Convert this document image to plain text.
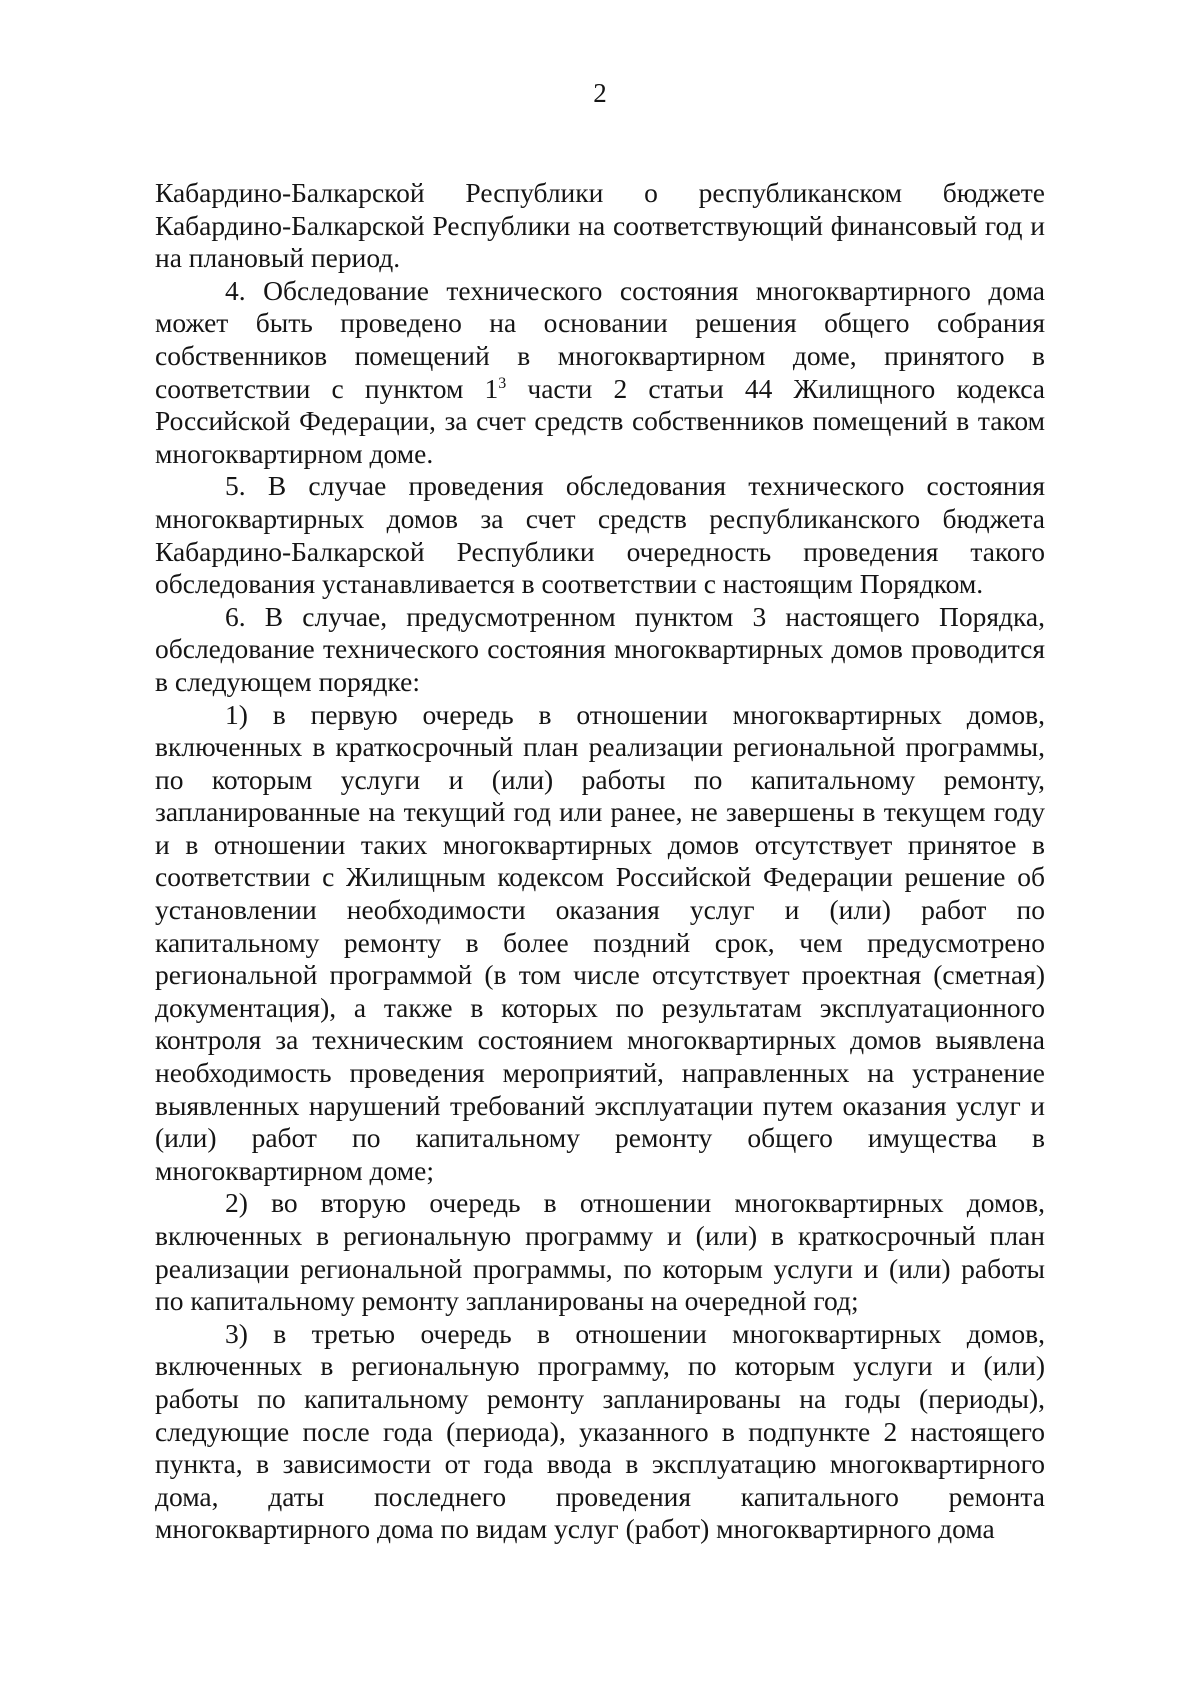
2

Кабардино-Балкарской Республики о республиканском бюджете Кабардино-Балкарской Республики на соответствующий финансовый год и на плановый период.

4. Обследование технического состояния многоквартирного дома может быть проведено на основании решения общего собрания собственников помещений в многоквартирном доме, принятого в соответствии с пунктом $1^3$ части 2 статьи 44 Жилищного кодекса Российской Федерации, за счет средств собственников помещений в таком многоквартирном доме.

5. В случае проведения обследования технического состояния многоквартирных домов за счет средств республиканского бюджета Кабардино-Балкарской Республики очередность проведения такого обследования устанавливается в соответствии с настоящим Порядком.

6. В случае, предусмотренном пунктом 3 настоящего Порядка, обследование технического состояния многоквартирных домов проводится в следующем порядке:

1) в первую очередь в отношении многоквартирных домов, включенных в краткосрочный план реализации региональной программы, по которым услуги и (или) работы по капитальному ремонту, запланированные на текущий год или ранее, не завершены в текущем году и в отношении таких многоквартирных домов отсутствует принятое в соответствии с Жилищным кодексом Российской Федерации решение об установлении необходимости оказания услуг и (или) работ по капитальному ремонту в более поздний срок, чем предусмотрено региональной программой (в том числе отсутствует проектная (сметная) документация), а также в которых по результатам эксплуатационного контроля за техническим состоянием многоквартирных домов выявлена необходимость проведения мероприятий, направленных на устранение выявленных нарушений требований эксплуатации путем оказания услуг и (или) работ по капитальному ремонту общего имущества в многоквартирном доме;

2) во вторую очередь в отношении многоквартирных домов, включенных в региональную программу и (или) в краткосрочный план реализации региональной программы, по которым услуги и (или) работы по капитальному ремонту запланированы на очередной год;

3) в третью очередь в отношении многоквартирных домов, включенных в региональную программу, по которым услуги и (или) работы по капитальному ремонту запланированы на годы (периоды), следующие после года (периода), указанного в подпункте 2 настоящего пункта, в зависимости от года ввода в эксплуатацию многоквартирного дома, даты последнего проведения капитального ремонта многоквартирного дома по видам услуг (работ) многоквартирного дома
